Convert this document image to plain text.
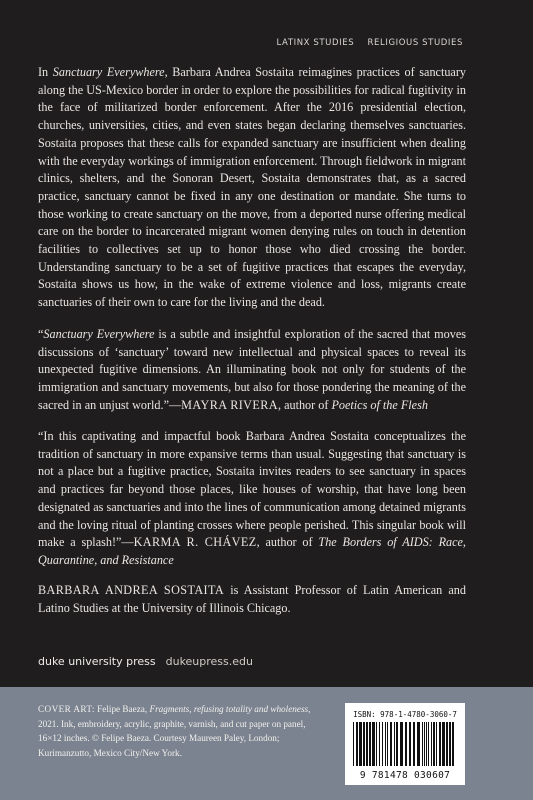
LATINX STUDIES RELIGIOUS STUDIES

In Sanctuary Everywhere, Barbara Andrea Sostaita reimagines practices of sanctuary along the US-Mexico border in order to explore the possibilities for radical fugitivity in the face of militarized border enforcement. After the 2016 presidential election, churches, universities, cities, and even states began declaring themselves sanctuaries. Sostaita proposes that these calls for expanded sanctuary are insufficient when dealing with the everyday workings of immigration enforcement. Through fieldwork in migrant clinics, shelters, and the Sonoran Desert, Sostaita demonstrates that, as a sacred practice, sanctuary cannot be fixed in any one destination or mandate. She turns to those working to create sanctuary on the move, from a deported nurse offering medical care on the border to incarcerated migrant women denying rules on touch in detention facilities to collectives set up to honor those who died crossing the border. Understanding sanctuary to be a set of fugitive practices that escapes the everyday, Sostaita shows us how, in the wake of extreme violence and loss, migrants create sanctuaries of their own to care for the living and the dead.

“Sanctuary Everywhere is a subtle and insightful exploration of the sacred that moves discussions of ‘sanctuary’ toward new intellectual and physical spaces to reveal its unexpected fugitive dimensions. An illuminating book not only for students of the immigration and sanctuary movements, but also for those pondering the meaning of the sacred in an unjust world.”—MAYRA RIVERA, author of Poetics of the Flesh

“In this captivating and impactful book Barbara Andrea Sostaita conceptualizes the tradition of sanctuary in more expansive terms than usual. Suggesting that sanctuary is not a place but a fugitive practice, Sostaita invites readers to see sanctuary in spaces and practices far beyond those places, like houses of worship, that have long been designated as sanctuaries and into the lines of communication among detained migrants and the loving ritual of planting crosses where people perished. This singular book will make a splash!”—KARMA R. CHÁVEZ, author of The Borders of AIDS: Race, Quarantine, and Resistance

BARBARA ANDREA SOSTAITA is Assistant Professor of Latin American and Latino Studies at the University of Illinois Chicago.

duke university press dukeupress.edu

COVER ART: Felipe Baeza, Fragments, refusing totality and wholeness, 2021. Ink, embroidery, acrylic, graphite, varnish, and cut paper on panel, 16×12 inches. © Felipe Baeza. Courtesy Maureen Paley, London; Kurimanzutto, Mexico City/New York.

ISBN: 978-1-4780-3060-7
9 781478 030607
